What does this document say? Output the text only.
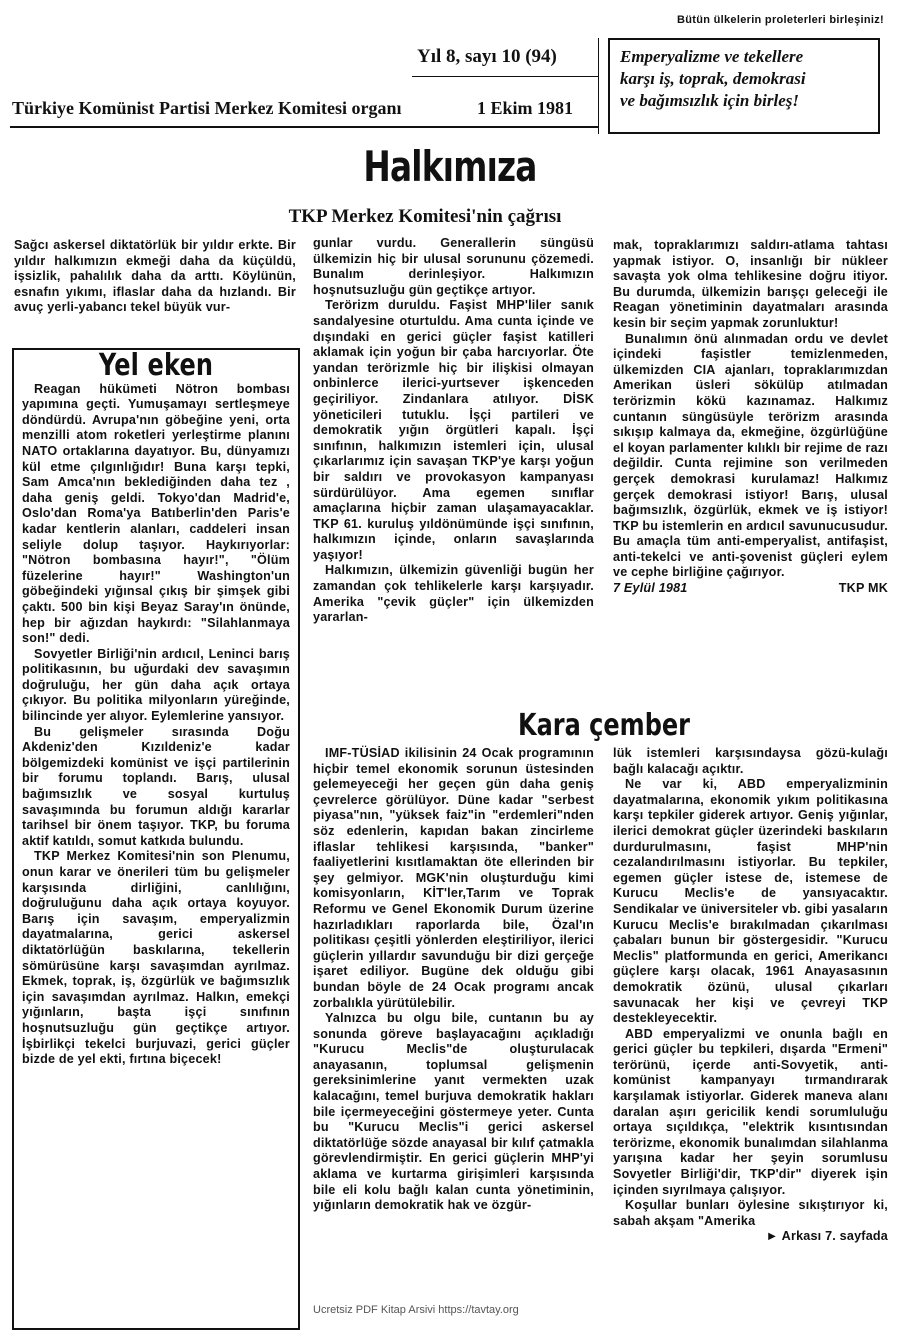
Bütün ülkelerin proleterleri birleşiniz!
Yıl 8, sayı 10 (94)
Türkiye Komünist Partisi Merkez Komitesi organı	1 Ekim 1981
Emperyalizme ve tekellere
karşı iş, toprak, demokrasi
ve bağımsızlık için birleş!
Halkımıza
TKP Merkez Komitesi'nin çağrısı

Sağcı askersel diktatörlük bir yıldır erkte. Bir yıldır halkımızın ekmeği daha da küçüldü, işsizlik, pahalılık daha da arttı. Köylünün, esnafın yıkımı, iflaslar daha da hızlandı. Bir avuç yerli-yabancı tekel büyük vur-

gunlar vurdu. Generallerin süngüsü ülkemizin hiç bir ulusal sorununu çözemedi. Bunalım derinleşiyor. Halkımızın hoşnutsuzluğu gün geçtikçe artıyor.

Terörizm duruldu. Faşist MHP'liler sanık sandalyesine oturtuldu. Ama cunta içinde ve dışındaki en gerici güçler faşist katilleri aklamak için yoğun bir çaba harcıyorlar. Öte yandan terörizmle hiç bir ilişkisi olmayan onbinlerce ilerici-yurtsever işkenceden geçiriliyor. Zindanlara atılıyor. DİSK yöneticileri tutuklu. İşçi partileri ve demokratik yığın örgütleri kapalı. İşçi sınıfının, halkımızın istemleri için, ulusal çıkarlarımız için savaşan TKP'ye karşı yoğun bir saldırı ve provokasyon kampanyası sürdürülüyor. Ama egemen sınıflar amaçlarına hiçbir zaman ulaşamayacaklar. TKP 61. kuruluş yıldönümünde işçi sınıfının, halkımızın içinde, onların savaşlarında yaşıyor!

Halkımızın, ülkemizin güvenliği bugün her zamandan çok tehlikelerle karşı karşıyadır. Amerika "çevik güçler" için ülkemizden yararlan-

mak, topraklarımızı saldırı-atlama tahtası yapmak istiyor. O, insanlığı bir nükleer savaşta yok olma tehlikesine doğru itiyor. Bu durumda, ülkemizin barışçı geleceği ile Reagan yönetiminin dayatmaları arasında kesin bir seçim yapmak zorunluktur!

Bunalımın önü alınmadan ordu ve devlet içindeki faşistler temizlenmeden, ülkemizden CIA ajanları, topraklarımızdan Amerikan üsleri sökülüp atılmadan terörizmin kökü kazınamaz. Halkımız cuntanın süngüsüyle terörizm arasında sıkışıp kalmaya da, ekmeğine, özgürlüğüne el koyan parlamenter kılıklı bir rejime de razı değildir. Cunta rejimine son verilmeden gerçek demokrasi kurulamaz! Halkımız gerçek demokrasi istiyor! Barış, ulusal bağımsızlık, özgürlük, ekmek ve iş istiyor! TKP bu istemlerin en ardıcıl savunucusudur. Bu amaçla tüm anti-emperyalist, antifaşist, anti-tekelci ve anti-şovenist güçleri eylem ve cephe birliğine çağırıyor.

7 Eylül 1981	TKP MK
Yel eken

Reagan hükümeti Nötron bombası yapımına geçti. Yumuşamayı sertleşmeye döndürdü. Avrupa'nın göbeğine yeni, orta menzilli atom roketleri yerleştirme planını NATO ortaklarına dayatıyor. Bu, dünyamızı kül etme çılgınlığıdır! Buna karşı tepki, Sam Amca'nın beklediğinden daha tez , daha geniş geldi. Tokyo'dan Madrid'e, Oslo'dan Roma'ya Batıberlin'den Paris'e kadar kentlerin alanları, caddeleri insan seliyle dolup taşıyor. Haykırıyorlar: "Nötron bombasına hayır!", "Ölüm füzelerine hayır!" Washington'un göbeğindeki yığınsal çıkış bir şimşek gibi çaktı. 500 bin kişi Beyaz Saray'ın önünde, hep bir ağızdan haykırdı: "Silahlanmaya son!" dedi.

Sovyetler Birliği'nin ardıcıl, Leninci barış politikasının, bu uğurdaki dev savaşımın doğruluğu, her gün daha açık ortaya çıkıyor. Bu politika milyonların yüreğinde, bilincinde yer alıyor. Eylemlerine yansıyor.

Bu gelişmeler sırasında Doğu Akdeniz'den Kızıldeniz'e kadar bölgemizdeki komünist ve işçi partilerinin bir forumu toplandı. Barış, ulusal bağımsızlık ve sosyal kurtuluş savaşımında bu forumun aldığı kararlar tarihsel bir önem taşıyor. TKP, bu foruma aktif katıldı, somut katkıda bulundu.

TKP Merkez Komitesi'nin son Plenumu, onun karar ve önerileri tüm bu gelişmeler karşısında dirliğini, canlılığını, doğruluğunu daha açık ortaya koyuyor. Barış için savaşım, emperyalizmin dayatmalarına, gerici askersel diktatörlüğün baskılarına, tekellerin sömürüsüne karşı savaşımdan ayrılmaz. Ekmek, toprak, iş, özgürlük ve bağımsızlık için savaşımdan ayrılmaz. Halkın, emekçi yığınların, başta işçi sınıfının hoşnutsuzluğu gün geçtikçe artıyor. İşbirlikçi tekelci burjuvazi, gerici güçler bizde de yel ekti, fırtına biçecek!

Kara çember

IMF-TÜSİAD ikilisinin 24 Ocak programının hiçbir temel ekonomik sorunun üstesinden gelemeyeceği her geçen gün daha geniş çevrelerce görülüyor. Düne kadar "serbest piyasa"nın, "yüksek faiz"in "erdemleri"nden söz edenlerin, kapıdan bakan zincirleme iflaslar tehlikesi karşısında, "banker" faaliyetlerini kısıtlamaktan öte ellerinden bir şey gelmiyor. MGK'nin oluşturduğu kimi komisyonların, KİT'ler,Tarım ve Toprak Reformu ve Genel Ekonomik Durum üzerine hazırladıkları raporlarda bile, Özal'ın politikası çeşitli yönlerden eleştiriliyor, ilerici güçlerin yıllardır savunduğu bir dizi gerçeğe işaret ediliyor. Bugüne dek olduğu gibi bundan böyle de 24 Ocak programı ancak zorbalıkla yürütülebilir.

Yalnızca bu olgu bile, cuntanın bu ay sonunda göreve başlayacağını açıkladığı "Kurucu Meclis"de oluşturulacak anayasanın, toplumsal gelişmenin gereksinimlerine yanıt vermekten uzak kalacağını, temel burjuva demokratik hakları bile içermeyeceğini göstermeye yeter. Cunta bu "Kurucu Meclis"i gerici askersel diktatörlüğe sözde anayasal bir kılıf çatmakla görevlendirmiştir. En gerici güçlerin MHP'yi aklama ve kurtarma girişimleri karşısında bile eli kolu bağlı kalan cunta yönetiminin, yığınların demokratik hak ve özgür-

lük istemleri karşısındaysa gözü-kulağı bağlı kalacağı açıktır.

Ne var ki, ABD emperyalizminin dayatmalarına, ekonomik yıkım politikasına karşı tepkiler giderek artıyor. Geniş yığınlar, ilerici demokrat güçler üzerindeki baskıların durdurulmasını, faşist MHP'nin cezalandırılmasını istiyorlar. Bu tepkiler, egemen güçler istese de, istemese de Kurucu Meclis'e de yansıyacaktır. Sendikalar ve üniversiteler vb. gibi yasaların Kurucu Meclis'e bırakılmadan çıkarılması çabaları bunun bir göstergesidir. "Kurucu Meclis" platformunda en gerici, Amerikancı güçlere karşı olacak, 1961 Anayasasının demokratik özünü, ulusal çıkarları savunacak her kişi ve çevreyi TKP destekleyecektir.

ABD emperyalizmi ve onunla bağlı en gerici güçler bu tepkileri, dışarda "Ermeni" terörünü, içerde anti-Sovyetik, anti-komünist kampanyayı tırmandırarak karşılamak istiyorlar. Giderek maneva alanı daralan aşırı gericilik kendi sorumluluğu ortaya sıçıldıkça, "elektrik kısıntısından terörizme, ekonomik bunalımdan silahlanma yarışına kadar her şeyin sorumlusu Sovyetler Birliği'dir, TKP'dir" diyerek işin içinden sıyrılmaya çalışıyor.

Koşullar bunları öylesine sıkıştırıyor ki, sabah akşam "Amerika

► Arkası 7. sayfada
Ucretsiz PDF Kitap Arsivi https://tavtay.org
